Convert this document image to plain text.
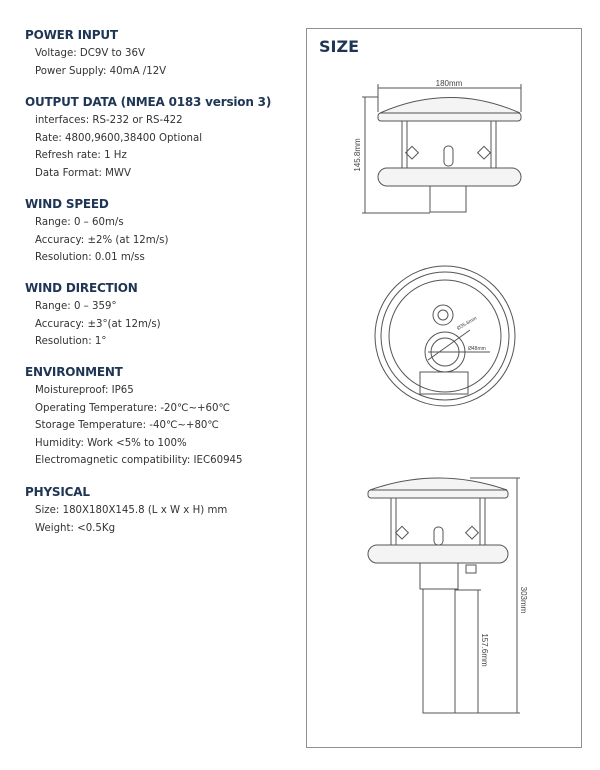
POWER INPUT
Voltage: DC9V to 36V
Power Supply: 40mA /12V
OUTPUT DATA (NMEA 0183 version 3)
interfaces: RS-232 or RS-422
Rate: 4800,9600,38400 Optional
Refresh rate: 1 Hz
Data Format: MWV
WIND SPEED
Range: 0 – 60m/s
Accuracy: ±2% (at 12m/s)
Resolution: 0.01 m/ss
WIND DIRECTION
Range: 0 – 359°
Accuracy: ±3°(at 12m/s)
Resolution: 1°
ENVIRONMENT
Moistureproof: IP65
Operating Temperature: -20℃~+60℃
Storage Temperature: -40℃~+80℃
Humidity: Work <5% to 100%
Electromagnetic compatibility: IEC60945
PHYSICAL
Size: 180X180X145.8 (L x W x H) mm
Weight: <0.5Kg
SIZE
180mm
145.8mm
Ø35.6mm
Ø48mm
303mm
157.6mm
